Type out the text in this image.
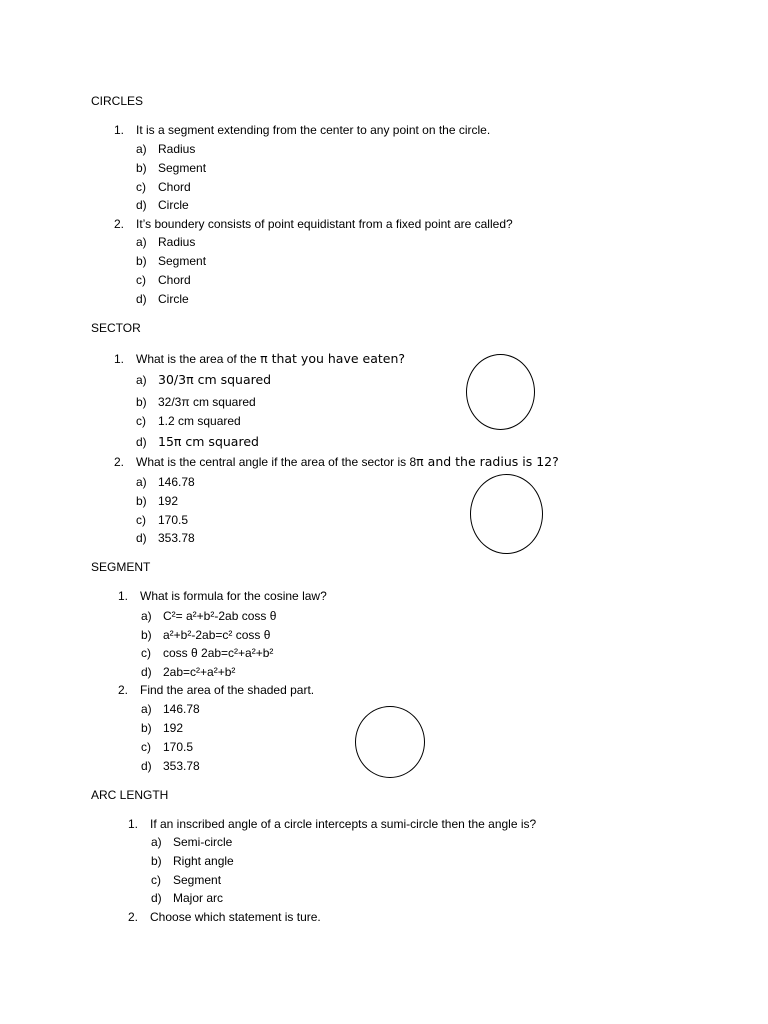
CIRCLES
1. It is a segment extending from the center to any point on the circle.
a) Radius
b) Segment
c) Chord
d) Circle
2. It’s boundery consists of point equidistant from a fixed point are called?
a) Radius
b) Segment
c) Chord
d) Circle
SECTOR
1. What is the area of the π that you have eaten?
a) 30/3π cm squared
b) 32/3π cm squared
c) 1.2 cm squared
d) 15π cm squared
2. What is the central angle if the area of the sector is 8π and the radius is 12?
a) 146.78
b) 192
c) 170.5
d) 353.78
SEGMENT
1. What is formula for the cosine law?
a) C²= a²+b²-2ab coss θ
b) a²+b²-2ab=c² coss θ
c) coss θ 2ab=c²+a²+b²
d) 2ab=c²+a²+b²
2. Find the area of the shaded part.
a) 146.78
b) 192
c) 170.5
d) 353.78
ARC LENGTH
1. If an inscribed angle of a circle intercepts a sumi-circle then the angle is?
a) Semi-circle
b) Right angle
c) Segment
d) Major arc
2. Choose which statement is ture.
